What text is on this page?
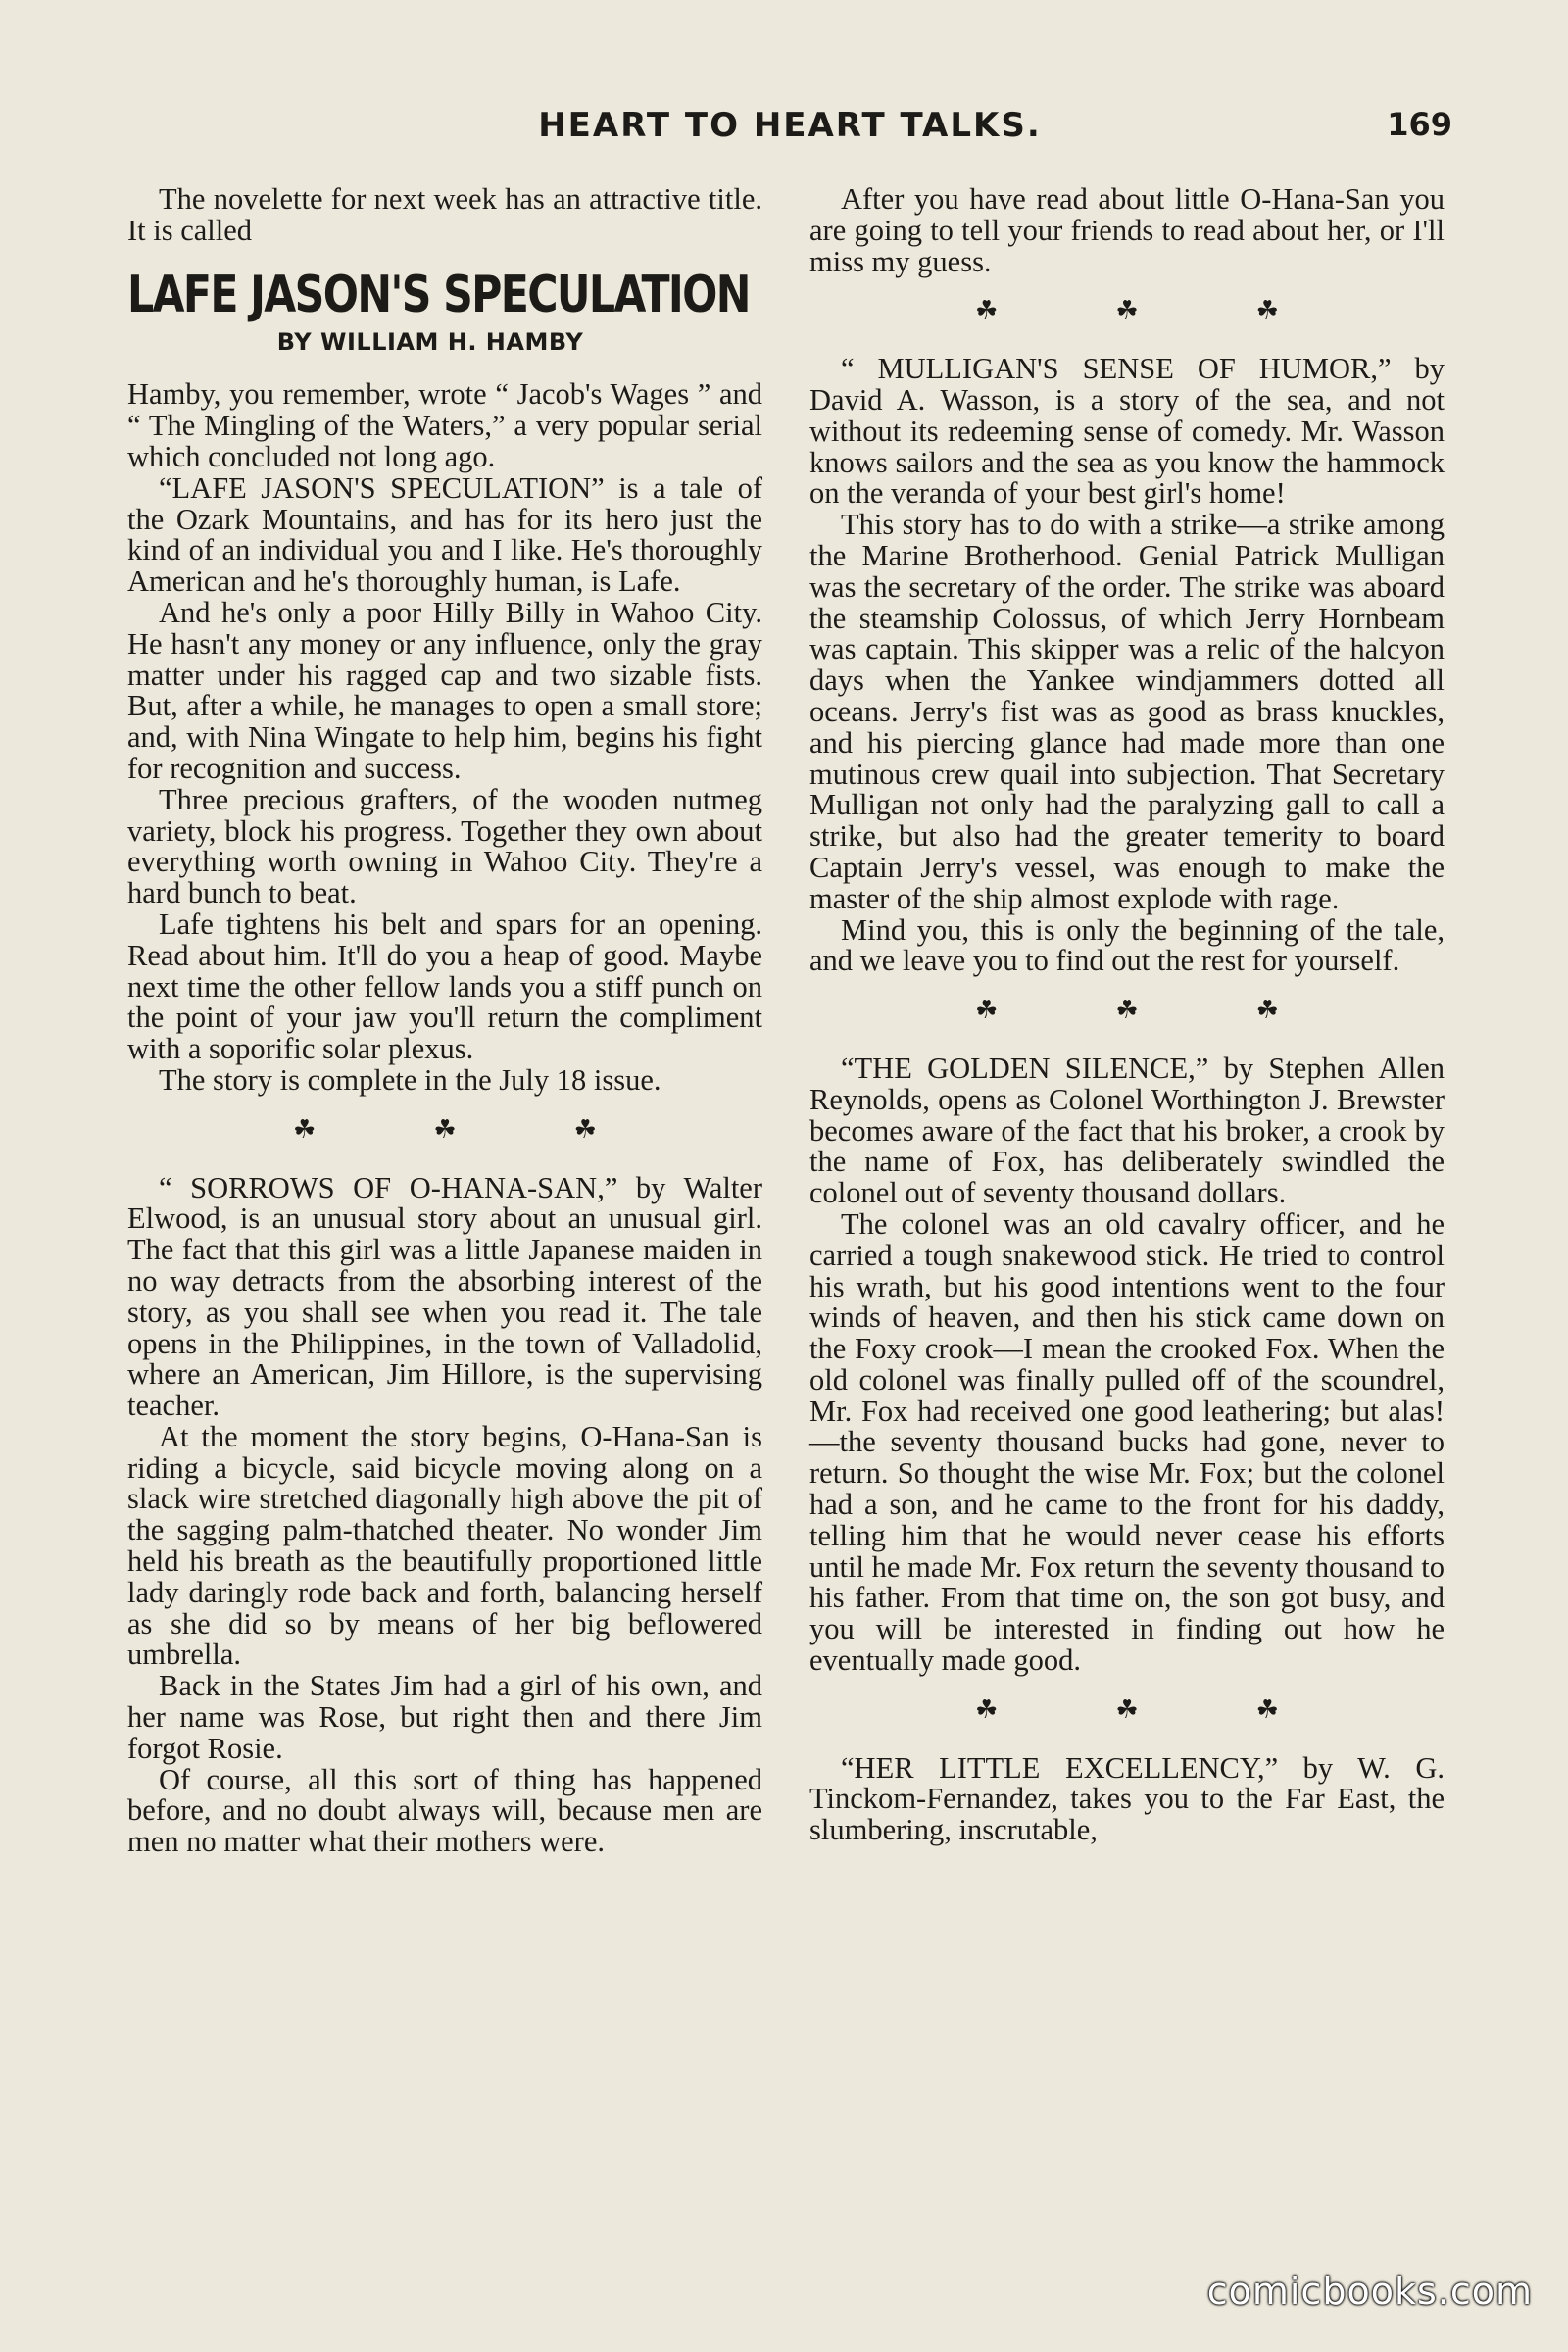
HEART TO HEART TALKS.	169

The novelette for next week has an attractive title. It is called

LAFE JASON'S SPECULATION
BY WILLIAM H. HAMBY

Hamby, you remember, wrote “ Jacob's Wages ” and “ The Mingling of the Waters,” a very popular serial which concluded not long ago.

“LAFE JASON'S SPECULATION” is a tale of the Ozark Mountains, and has for its hero just the kind of an individual you and I like. He's thoroughly American and he's thoroughly human, is Lafe.

And he's only a poor Hilly Billy in Wahoo City. He hasn't any money or any influence, only the gray matter under his ragged cap and two sizable fists. But, after a while, he manages to open a small store; and, with Nina Wingate to help him, begins his fight for recognition and success.

Three precious grafters, of the wooden nutmeg variety, block his progress. Together they own about everything worth owning in Wahoo City. They're a hard bunch to beat.

Lafe tightens his belt and spars for an opening. Read about him. It'll do you a heap of good. Maybe next time the other fellow lands you a stiff punch on the point of your jaw you'll return the compliment with a soporific solar plexus.

The story is complete in the July 18 issue.

☘	☘	☘

“ SORROWS OF O-HANA-SAN,” by Walter Elwood, is an unusual story about an unusual girl. The fact that this girl was a little Japanese maiden in no way detracts from the absorbing interest of the story, as you shall see when you read it. The tale opens in the Philippines, in the town of Valladolid, where an American, Jim Hillore, is the supervising teacher.

At the moment the story begins, O-Hana-San is riding a bicycle, said bicycle moving along on a slack wire stretched diagonally high above the pit of the sagging palm-thatched theater. No wonder Jim held his breath as the beautifully proportioned little lady daringly rode back and forth, balancing herself as she did so by means of her big beflowered umbrella.

Back in the States Jim had a girl of his own, and her name was Rose, but right then and there Jim forgot Rosie.

Of course, all this sort of thing has happened before, and no doubt always will, because men are men no matter what their mothers were.

After you have read about little O-Hana-San you are going to tell your friends to read about her, or I'll miss my guess.

☘	☘	☘

“ MULLIGAN'S SENSE OF HUMOR,” by David A. Wasson, is a story of the sea, and not without its redeeming sense of comedy. Mr. Wasson knows sailors and the sea as you know the hammock on the veranda of your best girl's home!

This story has to do with a strike—a strike among the Marine Brotherhood. Genial Patrick Mulligan was the secretary of the order. The strike was aboard the steamship Colossus, of which Jerry Hornbeam was captain. This skipper was a relic of the halcyon days when the Yankee windjammers dotted all oceans. Jerry's fist was as good as brass knuckles, and his piercing glance had made more than one mutinous crew quail into subjection. That Secretary Mulligan not only had the paralyzing gall to call a strike, but also had the greater temerity to board Captain Jerry's vessel, was enough to make the master of the ship almost explode with rage.

Mind you, this is only the beginning of the tale, and we leave you to find out the rest for yourself.

☘	☘	☘

“THE GOLDEN SILENCE,” by Stephen Allen Reynolds, opens as Colonel Worthington J. Brewster becomes aware of the fact that his broker, a crook by the name of Fox, has deliberately swindled the colonel out of seventy thousand dollars.

The colonel was an old cavalry officer, and he carried a tough snakewood stick. He tried to control his wrath, but his good intentions went to the four winds of heaven, and then his stick came down on the Foxy crook—I mean the crooked Fox. When the old colonel was finally pulled off of the scoundrel, Mr. Fox had received one good leathering; but alas!—the seventy thousand bucks had gone, never to return. So thought the wise Mr. Fox; but the colonel had a son, and he came to the front for his daddy, telling him that he would never cease his efforts until he made Mr. Fox return the seventy thousand to his father. From that time on, the son got busy, and you will be interested in finding out how he eventually made good.

☘	☘	☘

“HER LITTLE EXCELLENCY,” by W. G. Tinckom-Fernandez, takes you to the Far East, the slumbering, inscrutable,

comicbooks.com
